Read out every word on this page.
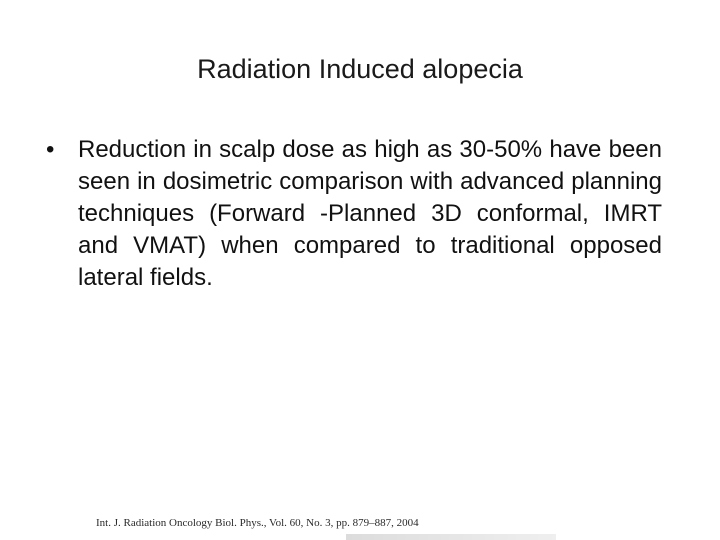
Radiation Induced alopecia
• Reduction in scalp dose as high as 30-50% have been seen in dosimetric comparison with advanced planning techniques (Forward -Planned 3D conformal, IMRT and VMAT) when compared to traditional opposed lateral fields.
Int. J. Radiation Oncology Biol. Phys., Vol. 60, No. 3, pp. 879–887, 2004
